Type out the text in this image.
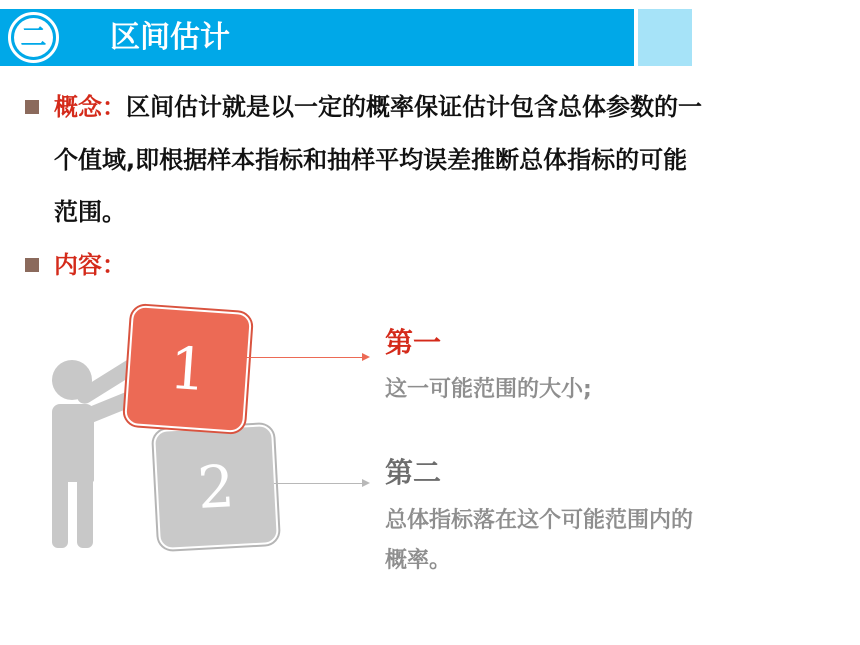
二 区间估计
概念：区间估计就是以一定的概率保证估计包含总体参数的一
个值域,即根据样本指标和抽样平均误差推断总体指标的可能
范围。
内容：
2
1	第一
这一可能范围的大小;
第二
总体指标落在这个可能范围内的
概率。
